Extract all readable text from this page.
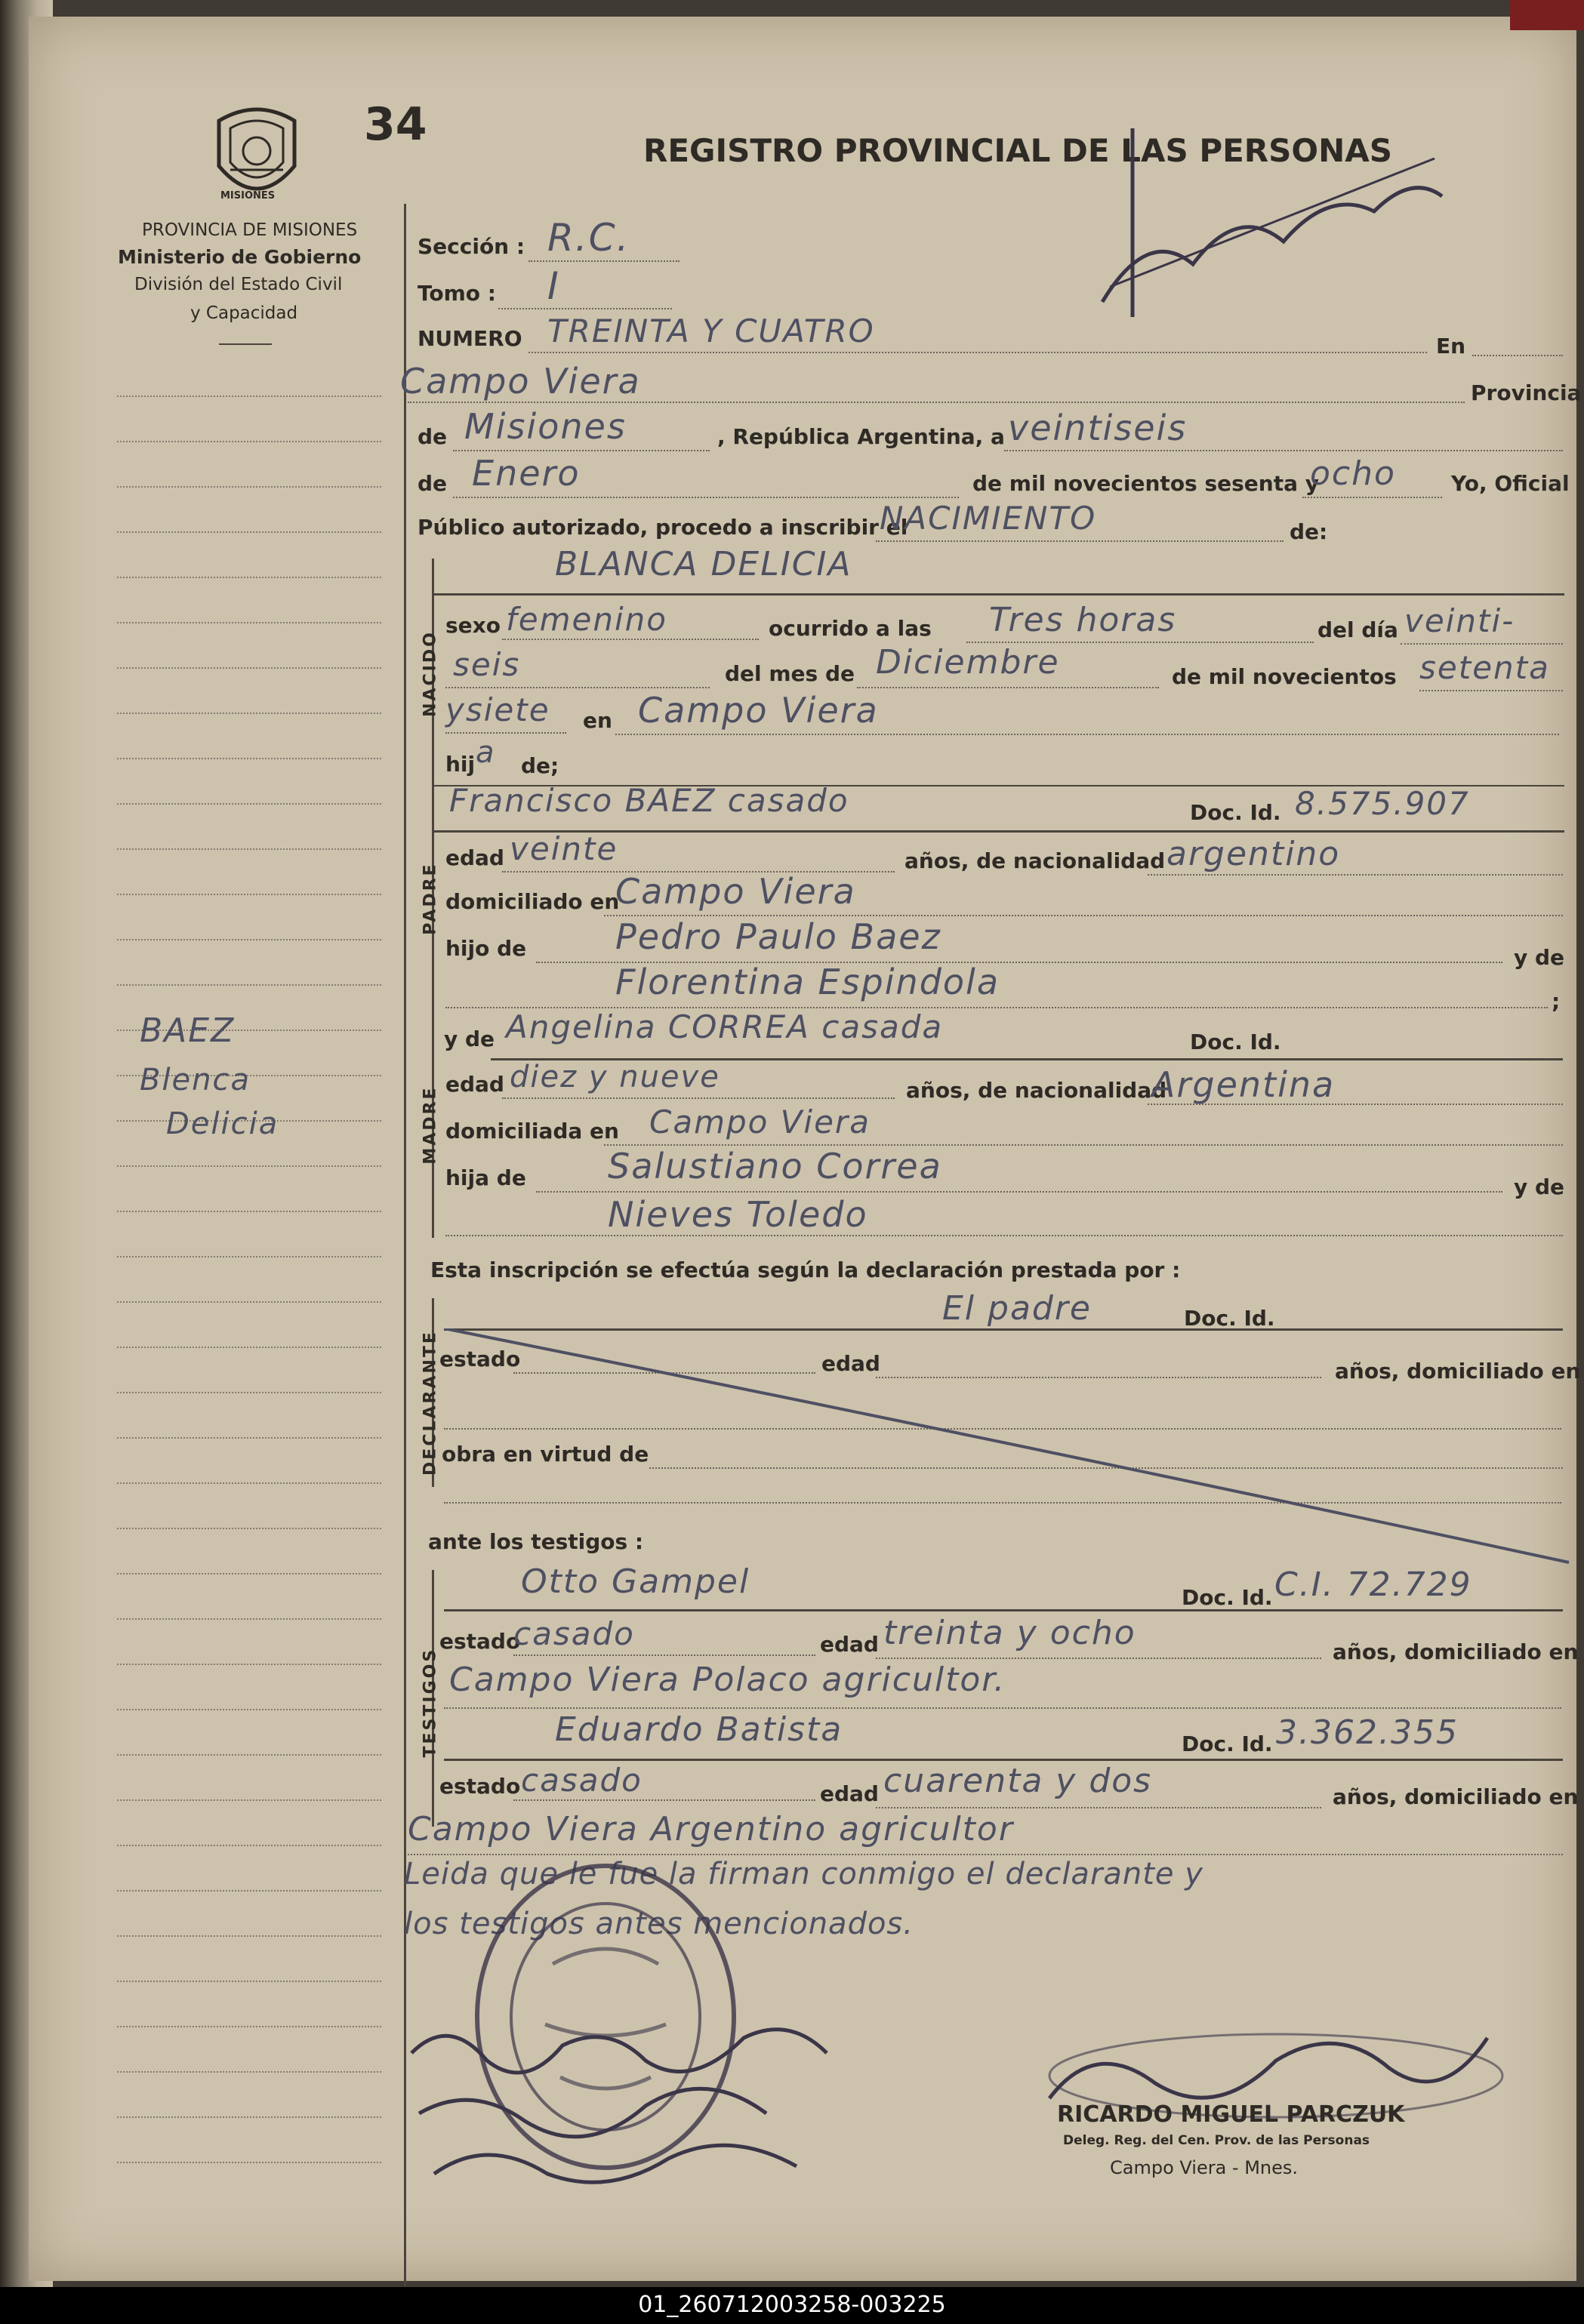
MISIONES
34	REGISTRO PROVINCIAL DE LAS PERSONAS
PROVINCIA DE MISIONES
Ministerio de Gobierno
División del Estado Civil
y Capacidad
BAEZ
Blenca
Delicia
Sección : R.C.
Tomo : I
NUMERO TREINTA Y CUATRO	En
Campo Viera	Provincia
de Misiones	, República Argentina, a veintiseis
de Enero	de mil novecientos sesenta y
ocho	Yo, Oficial
Público autorizado, procedo a inscribir el
NACIMIENTO	de:
NACIDO
BLANCA DELICIA
sexo femenino	ocurrido a las Tres horas	del día veinti-
seis	del mes de Diciembre	de mil novecientos setenta
ysiete en Campo Viera
hij a de;
PADRE
Francisco BAEZ casado	Doc. Id. 8.575.907
edad veinte	años, de nacionalidad argentino
domiciliado en
Campo Viera
hijo de	Pedro Paulo Baez
y de
Florentina Espindola	;
MADRE
y de Angelina CORREA casada	Doc. Id.
edad diez y nueve	años, de nacionalidad
Argentina
domiciliada en Campo Viera
hija de Salustiano Correa
y de
Nieves Toledo
Esta inscripción se efectúa según la declaración prestada por :
DECLARANTE
El padre	Doc. Id.
estado	edad	años, domiciliado en
obra en virtud de
ante los testigos :
TESTIGOS
Otto Gampel	Doc. Id. C.I. 72.729
estado
casado	edad treinta y ocho	años, domiciliado en
Campo Viera Polaco agricultor.
Eduardo Batista	Doc. Id. 3.362.355
estado casado	edad cuarenta y dos	años, domiciliado en
Campo Viera Argentino agricultor
Leida que le fue la firman conmigo el declarante y
los testigos antes mencionados.
RICARDO MIGUEL PARCZUK
Deleg. Reg. del Cen. Prov. de las Personas
Campo Viera - Mnes.
01_260712003258-003225
